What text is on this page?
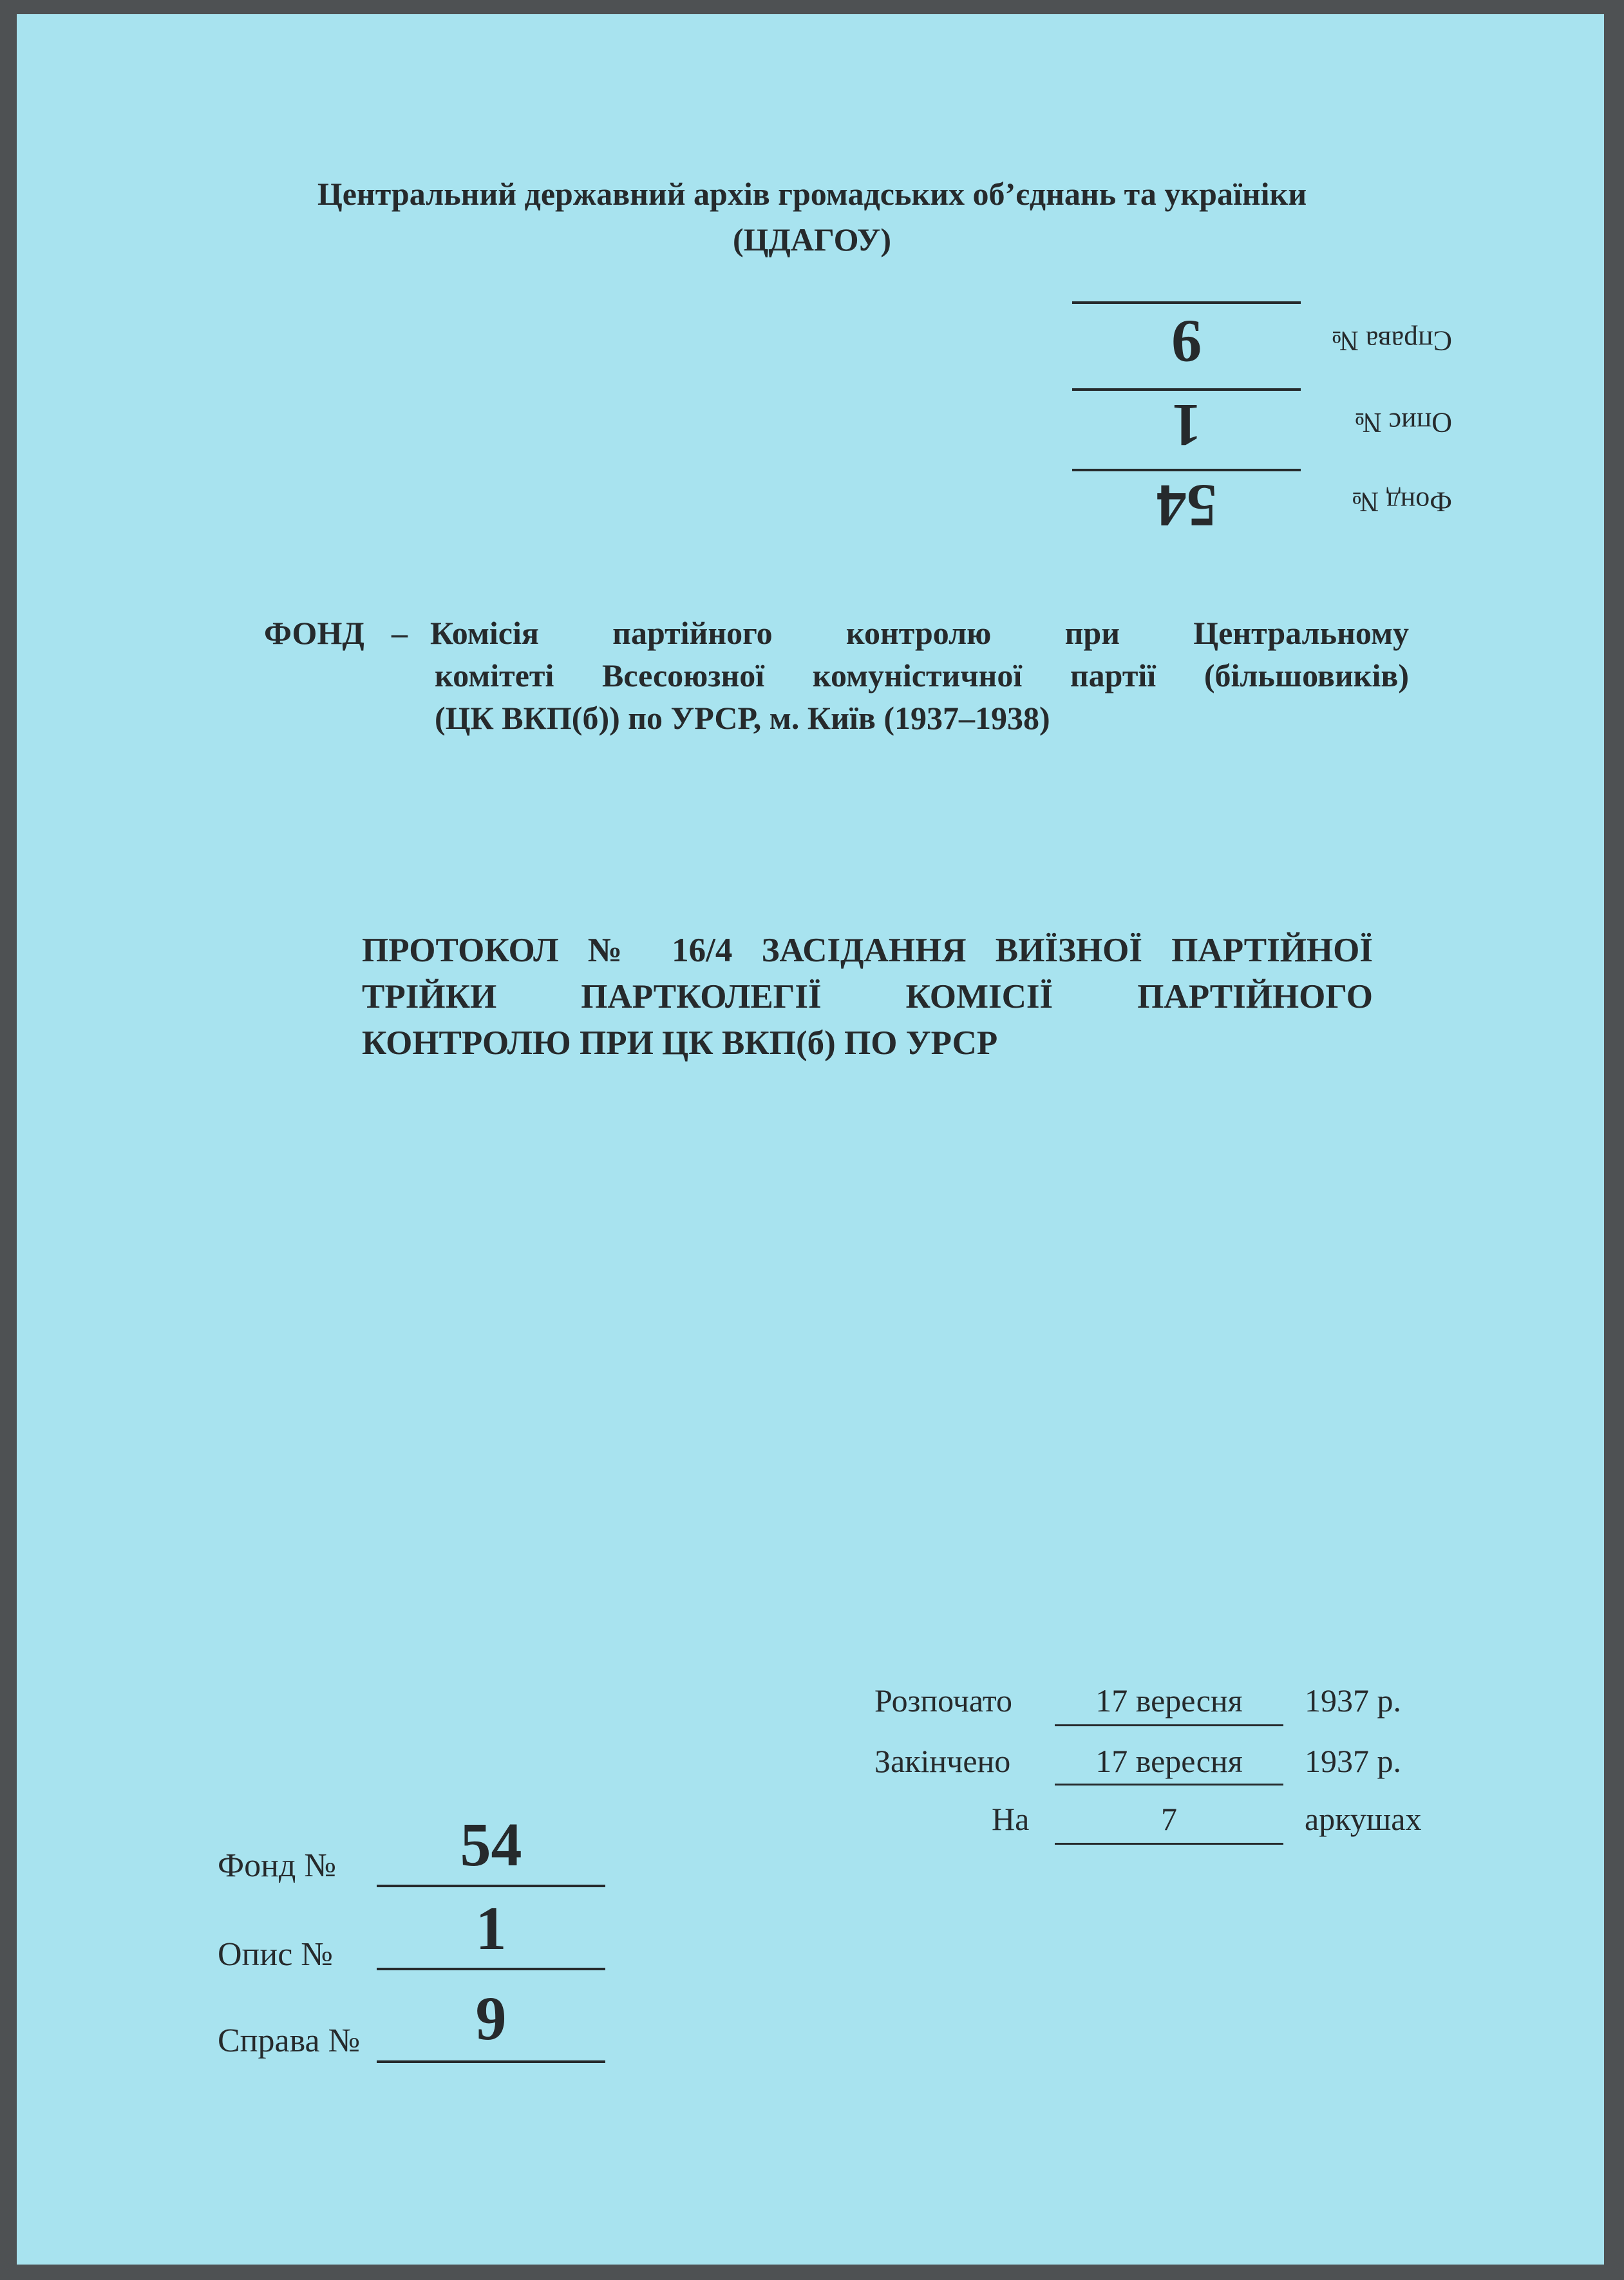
Центральний державний архів громадських об’єднань та україніки
(ЦДАГОУ)
Фонд №
54
Опис №
1
Справа №
9
ФОНД – Комісія партійного контролю при Центральному
комітеті Всесоюзної комуністичної партії (більшовиків)
(ЦК ВКП(б)) по УРСР, м. Київ (1937–1938)
ПРОТОКОЛ № 16/4 ЗАСІДАННЯ ВИЇЗНОЇ ПАРТІЙНОЇ
ТРІЙКИ ПАРТКОЛЕГІЇ КОМІСІЇ ПАРТІЙНОГО
КОНТРОЛЮ ПРИ ЦК ВКП(б) ПО УРСР
Розпочато	17 вересня	1937 р.
Закінчено	17 вересня	1937 р.
На	7	аркушах
Фонд №	54
Опис №	1
Справа №	9
